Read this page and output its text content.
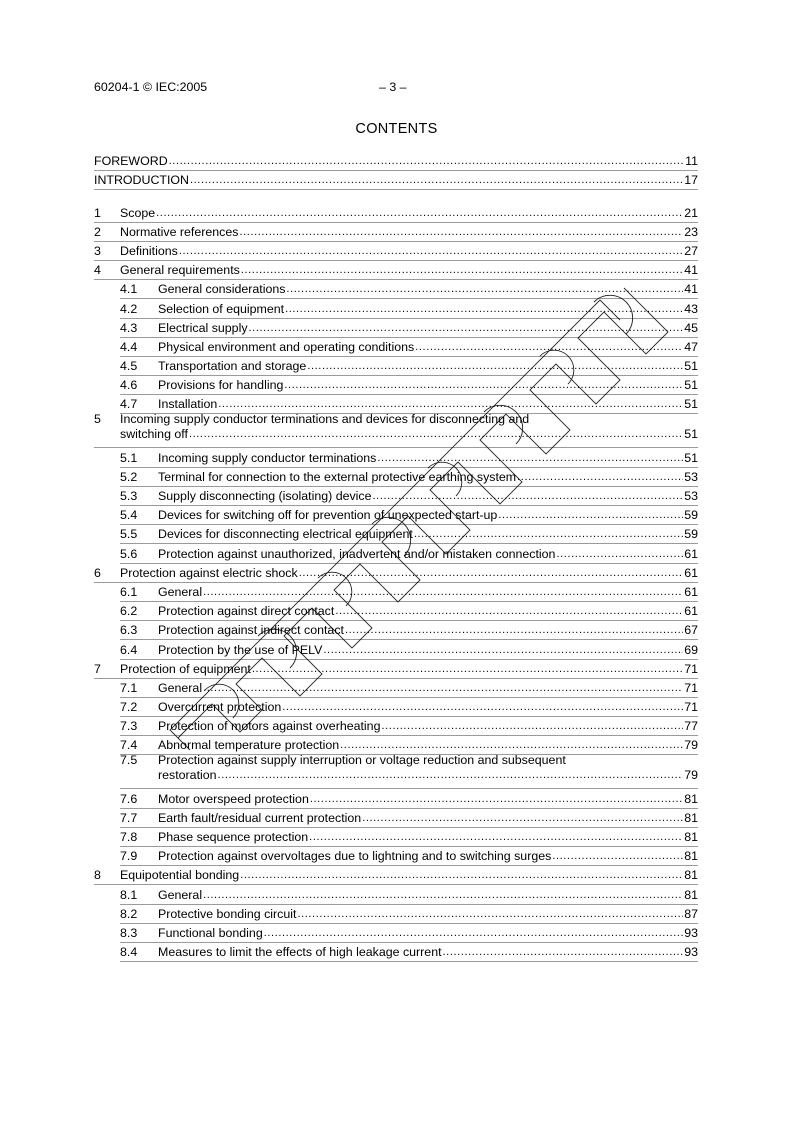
60204-1 © IEC:2005	– 3 –
CONTENTS
FOREWORD .....	11
INTRODUCTION .....	17
1	Scope .....	21
2	Normative references .....	23
3	Definitions .....	27
4	General requirements .....	41
4.1	General considerations .....	41
4.2	Selection of equipment .....	43
4.3	Electrical supply .....	45
4.4	Physical environment and operating conditions .....	47
4.5	Transportation and storage .....	51
4.6	Provisions for handling .....	51
4.7	Installation .....	51
5	Incoming supply conductor terminations and devices for disconnecting and
switching off .....	51
5.1	Incoming supply conductor terminations .....	51
5.2	Terminal for connection to the external protective earthing system .....	53
5.3	Supply disconnecting (isolating) device .....	53
5.4	Devices for switching off for prevention of unexpected start-up .....	59
5.5	Devices for disconnecting electrical equipment .....	59
5.6	Protection against unauthorized, inadvertent and/or mistaken connection .....	61
6	Protection against electric shock .....	61
6.1	General .....	61
6.2	Protection against direct contact .....	61
6.3	Protection against indirect contact .....	67
6.4	Protection by the use of PELV .....	69
7	Protection of equipment .....	71
7.1	General .....	71
7.2	Overcurrent protection .....	71
7.3	Protection of motors against overheating .....	77
7.4	Abnormal temperature protection .....	79
7.5	Protection against supply interruption or voltage reduction and subsequent
restoration .....	79
7.6	Motor overspeed protection .....	81
7.7	Earth fault/residual current protection .....	81
7.8	Phase sequence protection .....	81
7.9	Protection against overvoltages due to lightning and to switching surges .....	81
8	Equipotential bonding .....	81
8.1	General .....	81
8.2	Protective bonding circuit .....	87
8.3	Functional bonding .....	93
8.4	Measures to limit the effects of high leakage current .....	93
